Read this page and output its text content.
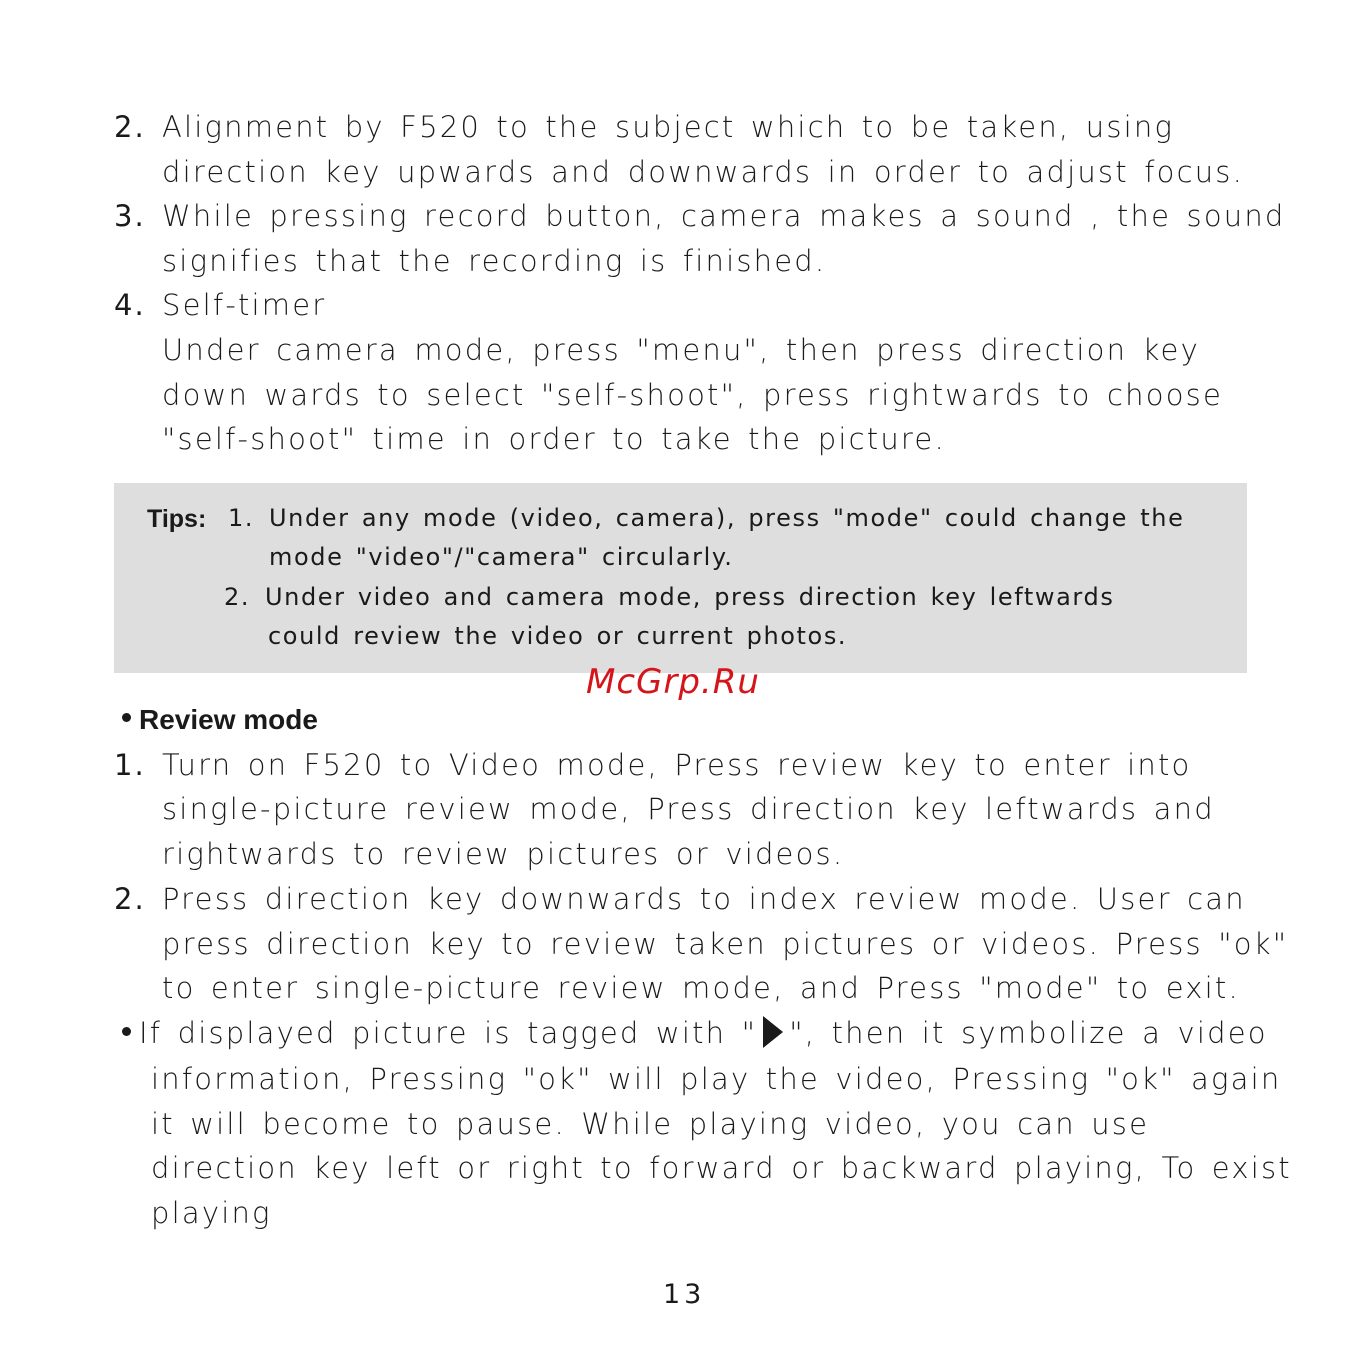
2. Alignment by F520 to the subject which to be taken, using
direction key upwards and downwards in order to adjust focus.
3. While pressing record button, camera makes a sound , the sound
signifies that the recording is finished.
4. Self-timer
Under camera mode, press "menu", then press direction key
down wards to select "self-shoot", press rightwards to choose
"self-shoot" time in order to take the picture.
Tips: 1. Under any mode (video, camera), press "mode" could change the
mode "video"/"camera" circularly.
2. Under video and camera mode, press direction key leftwards
could review the video or current photos.
McGrp.Ru
Review mode
1. Turn on F520 to Video mode, Press review key to enter into
single-picture review mode, Press direction key leftwards and
rightwards to review pictures or videos.
2. Press direction key downwards to index review mode. User can
press direction key to review taken pictures or videos. Press "ok"
to enter single-picture review mode, and Press "mode" to exit.
If displayed picture is tagged with " ", then it symbolize a video
information, Pressing "ok" will play the video, Pressing "ok" again
it will become to pause. While playing video, you can use
direction key left or right to forward or backward playing, To exist
playing
13
